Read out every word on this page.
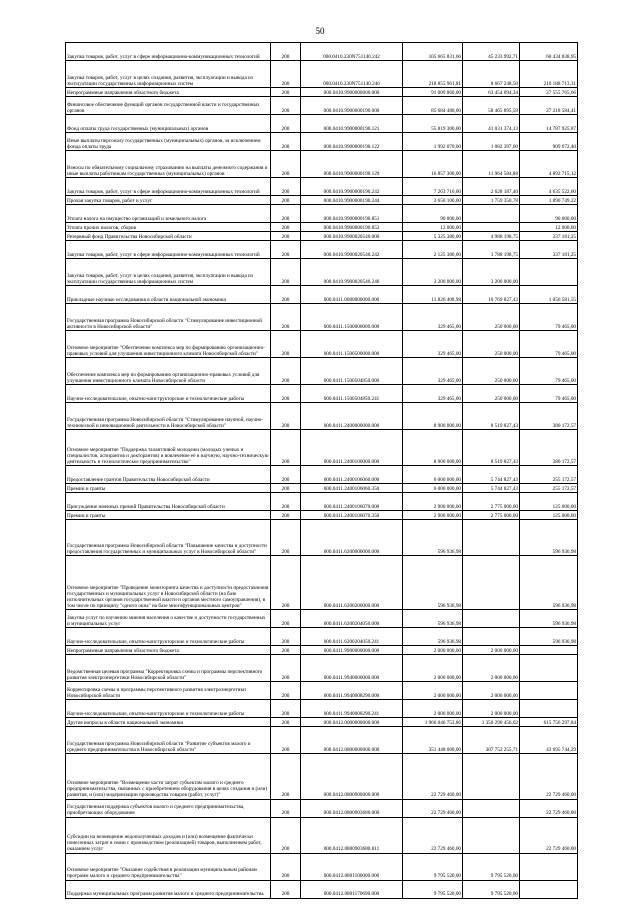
50
Закупка товаров, работ, услуг в сфере информационно-коммуникационных технологий	200	000.0410.230N751140.242	105 665 831,66	45 233 992,71	60 434 838,95
Закупка товаров, работ, услуг в целях создания, развития, эксплуатации и вывода из эксплуатации государственных информационных систем	200	000.0410.230N751140.246	218 855 961,81	8 667 248,50	210 188 713,31
Непрограммные направления областного бюджета	200	000.0410.9900000000.000	91 009 860,00	63 454 094,34	27 555 765,66
Финансовое обеспечение функций органов государственной власти и государственных органов	200	000.0410.9900000190.000	85 684 480,00	58 465 895,59	27 218 584,41
Фонд оплаты труда государственных (муниципальных) органов	200	000.0410.9900000190.121	55 819 300,00	41 031 374,13	14 787 925,87
Иные выплаты персоналу государственных (муниципальных) органов, за исключением фонда оплаты труда	200	000.0410.9900000190.122	1 992 070,00	1 082 397,60	909 672,40
Взносы по обязательному социальному страхованию на выплаты денежного содержания и иные выплаты работникам государственных (муниципальных) органов	200	000.0410.9900000190.129	16 857 300,00	11 964 584,88	4 892 715,12
Закупка товаров, работ, услуг в сфере информационно-коммуникационных технологий	200	000.0410.9900000190.242	7 263 710,00	2 628 187,40	4 635 522,60
Прочая закупка товаров, работ и услуг	200	000.0410.9900000190.244	3 650 100,00	1 759 350,78	1 890 749,22
Уплата налога на имущество организаций и земельного налога	200	000.0410.9900000190.851	90 000,00		90 000,00
Уплата прочих налогов, сборов	200	000.0410.9900000190.852	12 000,00		12 000,00
Резервный фонд Правительства Новосибирской области	200	000.0410.9900020540.000	5 325 380,00	4 988 198,75	337 181,25
Закупка товаров, работ, услуг в сфере информационно-коммуникационных технологий	200	000.0410.9900020540.242	2 125 380,00	1 788 198,75	337 181,25
Закупка товаров, работ, услуг в целях создания, развития, эксплуатации и вывода из эксплуатации государственных информационных систем	200	000.0410.9900020540.246	3 200 000,00	3 200 000,00	
Прикладные научные исследования в области национальной экономики	200	000.0411.0000000000.000	11 826 408,98	10 769 827,43	1 056 581,55
Государственная программа Новосибирской области "Стимулирование инвестиционной активности в Новосибирской области"	200	000.0411.1500000000.000	329 465,00	250 000,00	79 465,00
Основное мероприятие "Обеспечение комплекса мер по формированию организационно-правовых условий для улучшения инвестиционного климата Новосибирской области"	200	000.0411.1500500000.000	329 465,00	250 000,00	79 465,00
Обеспечение комплекса мер по формированию организационно-правовых условий для улучшения инвестиционного климата Новосибирской области	200	000.0411.1500504850.000	329 465,00	250 000,00	79 465,00
Научно-исследовательские, опытно-конструкторские и технологические работы	200	000.0411.1500504850.241	329 465,00	250 000,00	79 465,00
Государственная программа Новосибирской области "Стимулирование научной, научно-технической и инновационной деятельности в Новосибирской области"	200	000.0411.2400000000.000	8 900 000,00	8 519 827,43	380 172,57
Основное мероприятие "Поддержка талантливой молодежи (молодых ученых и специалистов, аспирантов и докторантов) и вовлечение её в научную, научно-техническую деятельность и технологическое предпринимательство"	200	000.0411.2400100000.000	8 900 000,00	8 519 827,43	380 172,57
Предоставление грантов Правительства Новосибирской области	200	000.0411.2400106060.000	6 000 000,00	5 744 827,43	255 172,57
Премии и гранты	200	000.0411.2400106060.350	6 000 000,00	5 744 827,43	255 172,57
Присуждение именных премий Правительства Новосибирской области	200	000.0411.2400106070.000	2 900 000,00	2 775 000,00	125 000,00
Премии и гранты	200	000.0411.2400106070.350	2 900 000,00	2 775 000,00	125 000,00
Государственная программа Новосибирской области "Повышение качества и доступности предоставления государственных и муниципальных услуг в Новосибирской области"	200	000.0411.6200000000.000	596 936,98		596 936,98
Основное мероприятие "Проведение мониторинга качества и доступности предоставления государственных и муниципальных услуг в Новосибирской области (на базе исполнительных органов государственной власти и органов местного самоуправления), в том числе по принципу "одного окна" на базе многофункциональных центров"	200	000.0411.6200200000.000	596 936,98		596 936,98
Закупка услуг по изучению мнения населения о качестве и доступности государственных и муниципальных услуг	200	000.0411.6200204050.000	596 936,98		596 936,98
Научно-исследовательские, опытно-конструкторские и технологические работы	200	000.0411.6200204050.241	596 936,98		596 936,98
Непрограммные направления областного бюджета	200	000.0411.9900000000.000	2 000 000,00	2 000 000,00	
Ведомственная целевая программа "Корректировка схемы и программы перспективного развития электроэнергетики Новосибирской области"	200	000.0411.9940000000.000	2 000 000,00	2 000 000,00	
Корректировка схемы и программы перспективного развития электроэнергетики Новосибирской области	200	000.0411.9940008290.000	2 000 000,00	2 000 000,00	
Научно-исследовательские, опытно-конструкторские и технологические работы	200	000.0411.9940008290.241	2 000 000,00	2 000 000,00	
Другие вопросы в области национальной экономики	200	000.0412.0000000000.000	1 966 046 753,86	1 350 290 456,02	615 756 297,84
Государственная программа Новосибирской области "Развитие субъектов малого и среднего предпринимательства в Новосибирской области"	200	000.0412.0800000000.000	351 448 000,00	307 752 255,71	43 695 744,29
Основное мероприятие "Возмещение части затрат субъектам малого и среднего предпринимательства, связанных с приобретением оборудования в целях создания и (или) развития, и (или) модернизации производства товаров (работ, услуг)"	200	000.0412.0800900000.000	22 729 460,00		22 729 460,00
Государственная поддержка субъектов малого и среднего предпринимательства, приобретающих оборудование	200	000.0412.0800903680.000	22 729 460,00		22 729 460,00
Субсидии на возмещение недополученных доходов и (или) возмещение фактически понесенных затрат в связи с производством (реализацией) товаров, выполнением работ, оказанием услуг	200	000.0412.0800903680.811	22 729 460,00		22 729 460,00
Основное мероприятие "Оказание содействия в реализации муниципальным районам программ малого и среднего предпринимательства"	200	000.0412.0801100000.000	9 795 520,00	9 795 520,00	
Поддержка муниципальных программ развития малого и среднего предпринимательства	200	000.0412.0801170690.000	9 795 520,00	9 795 520,00	
